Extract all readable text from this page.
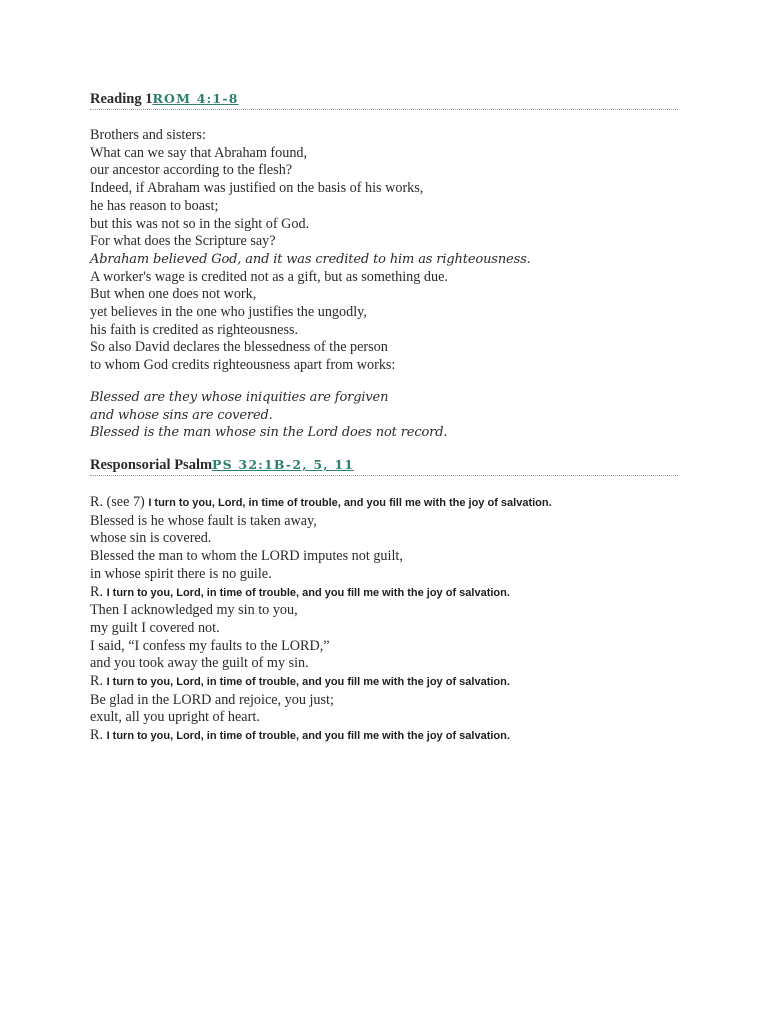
Reading 1ROM 4:1-8
Brothers and sisters:
What can we say that Abraham found,
our ancestor according to the flesh?
Indeed, if Abraham was justified on the basis of his works,
he has reason to boast;
but this was not so in the sight of God.
For what does the Scripture say?
Abraham believed God, and it was credited to him as righteousness.
A worker's wage is credited not as a gift, but as something due.
But when one does not work,
yet believes in the one who justifies the ungodly,
his faith is credited as righteousness.
So also David declares the blessedness of the person
to whom God credits righteousness apart from works:
Blessed are they whose iniquities are forgiven
and whose sins are covered.
Blessed is the man whose sin the Lord does not record.
Responsorial PsalmPS 32:1B-2, 5, 11
R. (see 7) I turn to you, Lord, in time of trouble, and you fill me with the joy of salvation.
Blessed is he whose fault is taken away,
whose sin is covered.
Blessed the man to whom the LORD imputes not guilt,
in whose spirit there is no guile.
R. I turn to you, Lord, in time of trouble, and you fill me with the joy of salvation.
Then I acknowledged my sin to you,
my guilt I covered not.
I said, “I confess my faults to the LORD,”
and you took away the guilt of my sin.
R. I turn to you, Lord, in time of trouble, and you fill me with the joy of salvation.
Be glad in the LORD and rejoice, you just;
exult, all you upright of heart.
R. I turn to you, Lord, in time of trouble, and you fill me with the joy of salvation.
